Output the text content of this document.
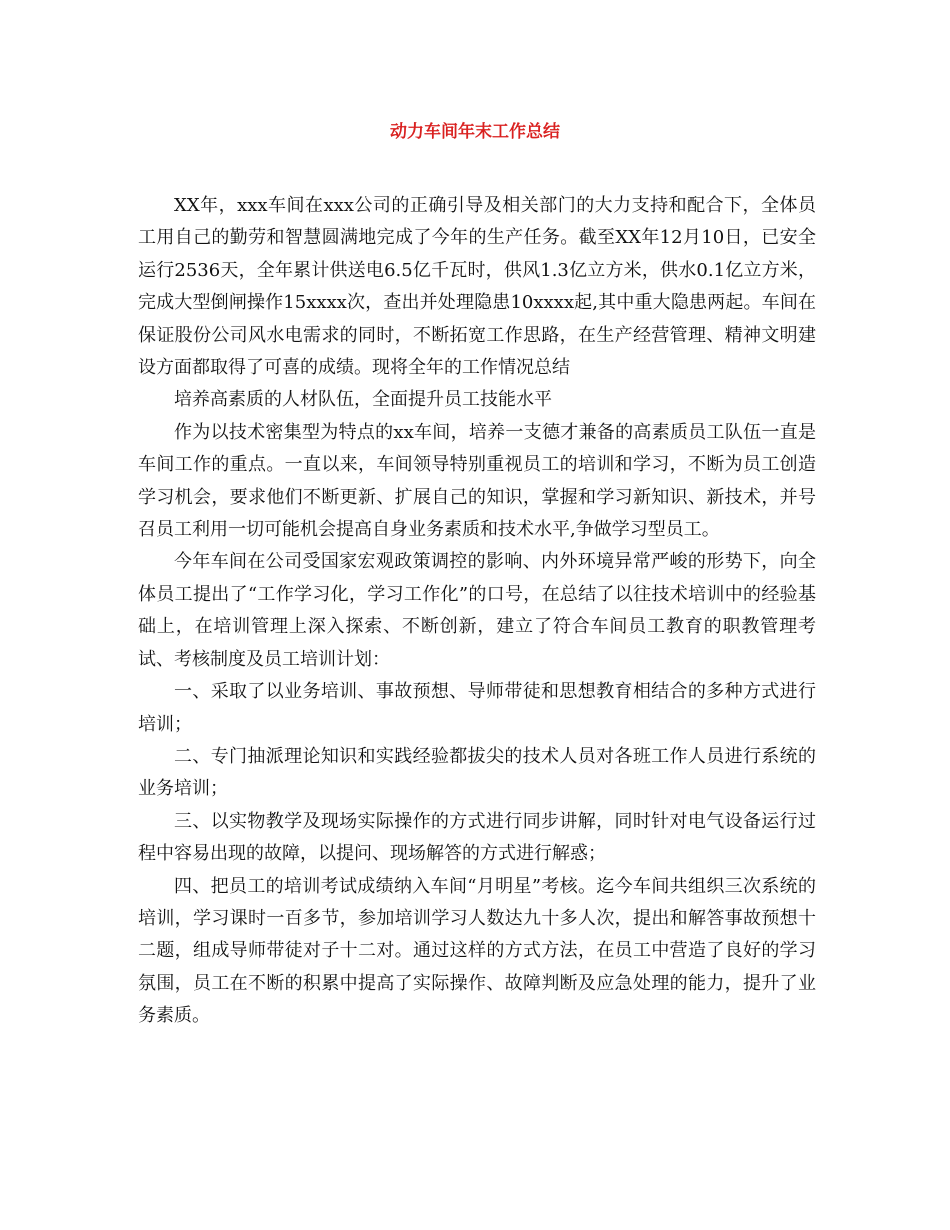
动力车间年末工作总结

XX年，xxx车间在xxx公司的正确引导及相关部门的大力支持和配合下，全体员工用自己的勤劳和智慧圆满地完成了今年的生产任务。截至XX年12月10日，已安全运行2536天，全年累计供送电6.5亿千瓦时，供风1.3亿立方米，供水0.1亿立方米，完成大型倒闸操作15xxxx次，查出并处理隐患10xxxx起,其中重大隐患两起。车间在保证股份公司风水电需求的同时，不断拓宽工作思路，在生产经营管理、精神文明建设方面都取得了可喜的成绩。现将全年的工作情况总结

培养高素质的人材队伍，全面提升员工技能水平

作为以技术密集型为特点的xx车间，培养一支德才兼备的高素质员工队伍一直是车间工作的重点。一直以来，车间领导特别重视员工的培训和学习，不断为员工创造学习机会，要求他们不断更新、扩展自己的知识，掌握和学习新知识、新技术，并号召员工利用一切可能机会提高自身业务素质和技术水平,争做学习型员工。

今年车间在公司受国家宏观政策调控的影响、内外环境异常严峻的形势下，向全体员工提出了“工作学习化，学习工作化”的口号，在总结了以往技术培训中的经验基础上，在培训管理上深入探索、不断创新，建立了符合车间员工教育的职教管理考试、考核制度及员工培训计划：

一、采取了以业务培训、事故预想、导师带徒和思想教育相结合的多种方式进行培训；

二、专门抽派理论知识和实践经验都拔尖的技术人员对各班工作人员进行系统的业务培训；

三、以实物教学及现场实际操作的方式进行同步讲解，同时针对电气设备运行过程中容易出现的故障，以提问、现场解答的方式进行解惑；

四、把员工的培训考试成绩纳入车间“月明星”考核。迄今车间共组织三次系统的培训，学习课时一百多节，参加培训学习人数达九十多人次，提出和解答事故预想十二题，组成导师带徒对子十二对。通过这样的方式方法，在员工中营造了良好的学习氛围，员工在不断的积累中提高了实际操作、故障判断及应急处理的能力，提升了业务素质。
